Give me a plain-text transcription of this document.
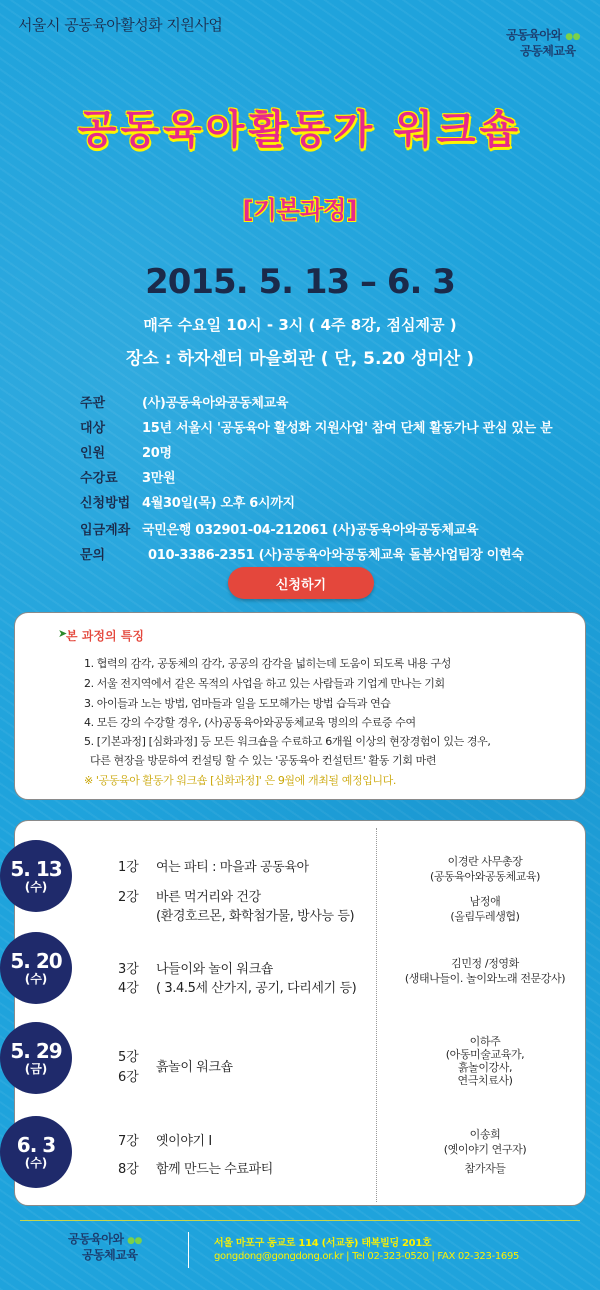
서울시 공동육아활성화 지원사업
공동육아와 ●●
공동체교육
공동육아활동가 워크숍
[기본과정]
2015. 5. 13 – 6. 3
매주 수요일 10시 - 3시 ( 4주 8강, 점심제공 )
장소 : 하자센터 마을회관 ( 단, 5.20 성미산 )
주관	(사)공동육아와공동체교육
대상	15년 서울시 '공동육아 활성화 지원사업' 참여 단체 활동가나 관심 있는 분
인원	20명
수강료	3만원
신청방법 4월30일(목) 오후 6시까지
입금계좌 국민은행 032901-04-212061 (사)공동육아와공동체교육
문의	010-3386-2351 (사)공동육아와공동체교육 돌봄사업팀장 이현숙
신청하기
➤
본 과정의 특징
1. 협력의 감각, 공동체의 감각, 공공의 감각을 넓히는데 도움이 되도록 내용 구성
2. 서울 전지역에서 같은 목적의 사업을 하고 있는 사람들과 기업게 만나는 기회
3. 아이들과 노는 방법, 엄마들과 일을 도모해가는 방법 습득과 연습
4. 모든 강의 수강할 경우, (사)공동육아와공동체교육 명의의 수료증 수여
5. [기본과정] [심화과정] 등 모든 워크숍을 수료하고 6개월 이상의 현장경험이 있는 경우,
다른 현장을 방문하여 컨설팅 할 수 있는 '공동육아 컨설턴트' 활동 기회 마련
※ '공동육아 활동가 워크숍 [심화과정]' 은 9월에 개최될 예정입니다.
5. 13
(수)
1강 여는 파티 : 마을과 공동육아
2강 바른 먹거리와 건강
(환경호르몬, 화학첨가물, 방사능 등)
이경란 사무총장
(공동육아와공동체교육)
남정애
(올림두레생협)
5. 20
(수)
3강 나들이와 놀이 워크숍
4강 ( 3.4.5세 산가지, 공기, 다리세기 등)
김민정 /정영화
(생태나들이. 놀이와노래 전문강사)
5. 29
(금)
5강
6강
흙놀이 워크숍
이하주
(아동미술교육가,
흙놀이강사,
연극치료사)
6. 3
(수)
7강 옛이야기 Ⅰ
8강 함께 만드는 수료파티
이송희
(옛이야기 연구자)
참가자들
공동육아와 ●●
공동체교육
서울 마포구 동교로 114 (서교동) 태복빌딩 201호
gongdong@gongdong.or.kr | Tel 02-323-0520 | FAX 02-323-1695
